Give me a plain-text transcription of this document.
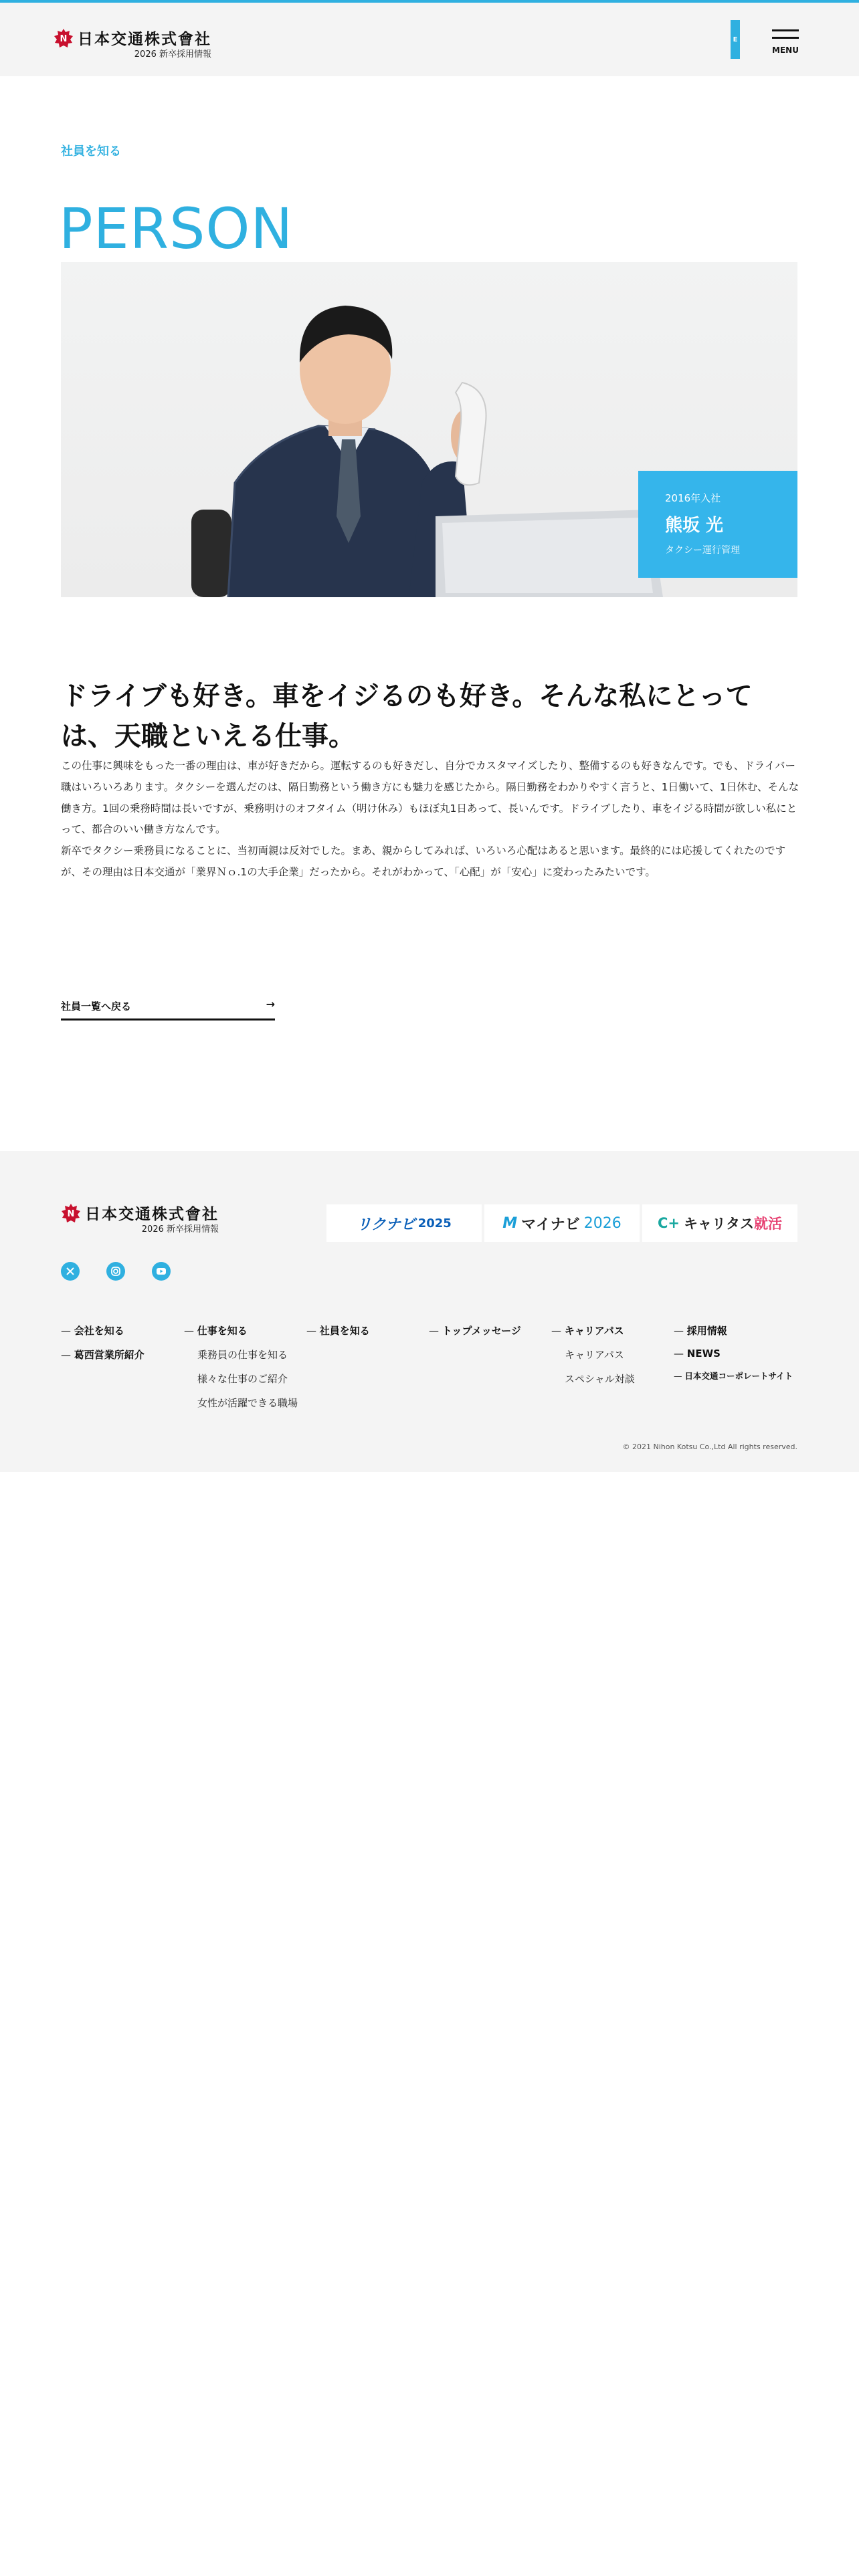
N 日本交通株式會社
2026 新卒採用情報
E
MENU
社員を知る
PERSON
2016年入社
熊坂 光
タクシー運行管理
ドライブも好き。車をイジるのも好き。そんな私にとっては、天職といえる仕事。

この仕事に興味をもった一番の理由は、車が好きだから。運転するのも好きだし、自分でカスタマイズしたり、整備するのも好きなんです。でも、ドライバー職はいろいろあります。タクシーを選んだのは、隔日勤務という働き方にも魅力を感じたから。隔日勤務をわかりやすく言うと、1日働いて、1日休む、そんな働き方。1回の乗務時間は長いですが、乗務明けのオフタイム（明け休み）もほぼ丸1日あって、長いんです。ドライブしたり、車をイジる時間が欲しい私にとって、都合のいい働き方なんです。

新卒でタクシー乗務員になることに、当初両親は反対でした。まあ、親からしてみれば、いろいろ心配はあると思います。最終的には応援してくれたのですが、その理由は日本交通が「業界Ｎｏ.1の大手企業」だったから。それがわかって、「心配」が「安心」に変わったみたいです。

社員一覧へ戻る	→
N 日本交通株式會社
2026 新卒採用情報	リクナビ 2025	M マイナビ 2026	C+ キャリタス 就活
— 会社を知る
— 葛西営業所紹介
— 仕事を知る
乗務員の仕事を知る
様々な仕事のご紹介
女性が活躍できる職場
— 社員を知る	— トップメッセージ	— キャリアパス
キャリアパス
スペシャル対談
— 採用情報
— NEWS
— 日本交通コーポレートサイト
© 2021 Nihon Kotsu Co.,Ltd All rights reserved.
